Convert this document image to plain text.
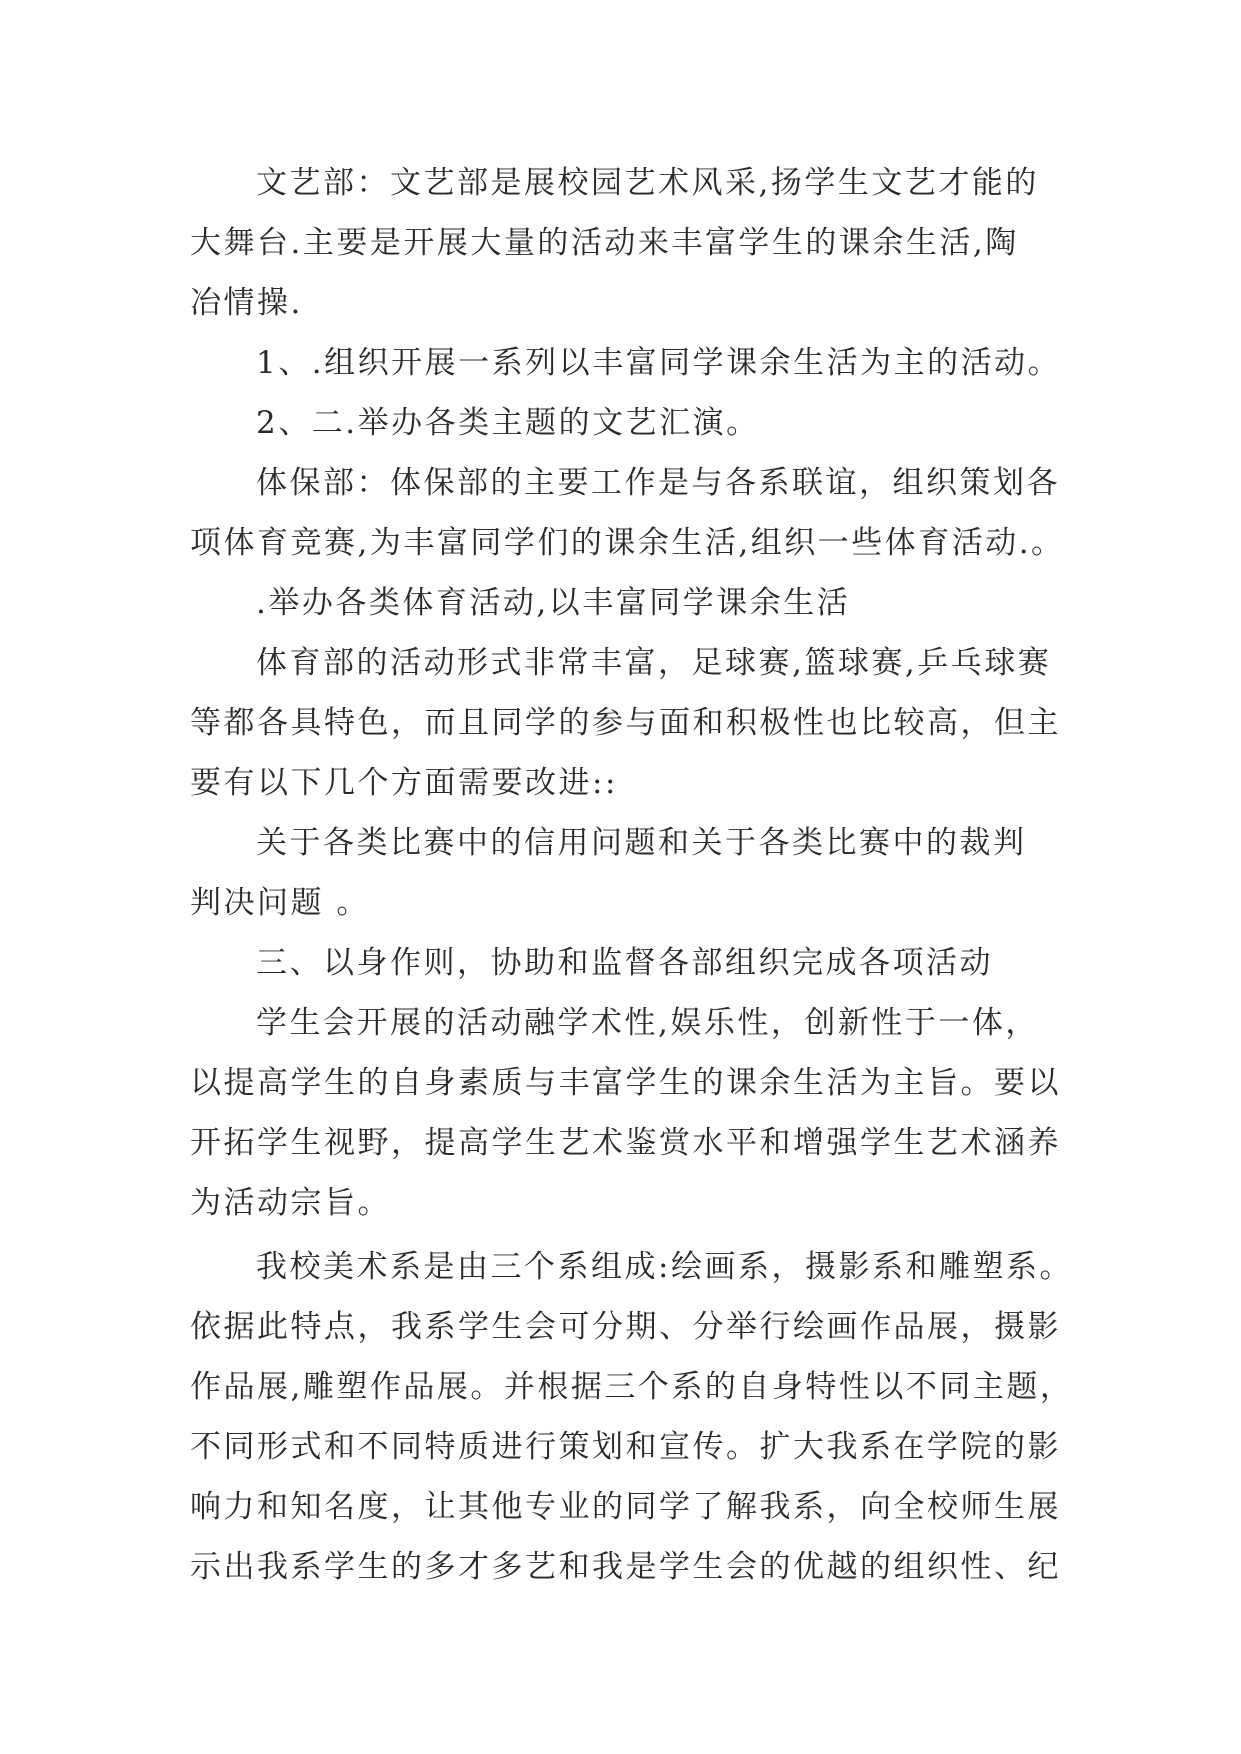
文艺部：文艺部是展校园艺术风采,扬学生文艺才能的

大舞台.主要是开展大量的活动来丰富学生的课余生活,陶

冶情操.

1、.组织开展一系列以丰富同学课余生活为主的活动。

2、二.举办各类主题的文艺汇演。

体保部：体保部的主要工作是与各系联谊，组织策划各

项体育竞赛,为丰富同学们的课余生活,组织一些体育活动.。

.举办各类体育活动,以丰富同学课余生活

体育部的活动形式非常丰富，足球赛,篮球赛,乒乓球赛

等都各具特色，而且同学的参与面和积极性也比较高，但主

要有以下几个方面需要改进::

关于各类比赛中的信用问题和关于各类比赛中的裁判

判决问题 。

三、以身作则，协助和监督各部组织完成各项活动

学生会开展的活动融学术性,娱乐性，创新性于一体，

以提高学生的自身素质与丰富学生的课余生活为主旨。要以

开拓学生视野，提高学生艺术鉴赏水平和增强学生艺术涵养

为活动宗旨。

我校美术系是由三个系组成:绘画系，摄影系和雕塑系。

依据此特点，我系学生会可分期、分举行绘画作品展，摄影

作品展,雕塑作品展。并根据三个系的自身特性以不同主题，

不同形式和不同特质进行策划和宣传。扩大我系在学院的影

响力和知名度，让其他专业的同学了解我系，向全校师生展

示出我系学生的多才多艺和我是学生会的优越的组织性、纪
